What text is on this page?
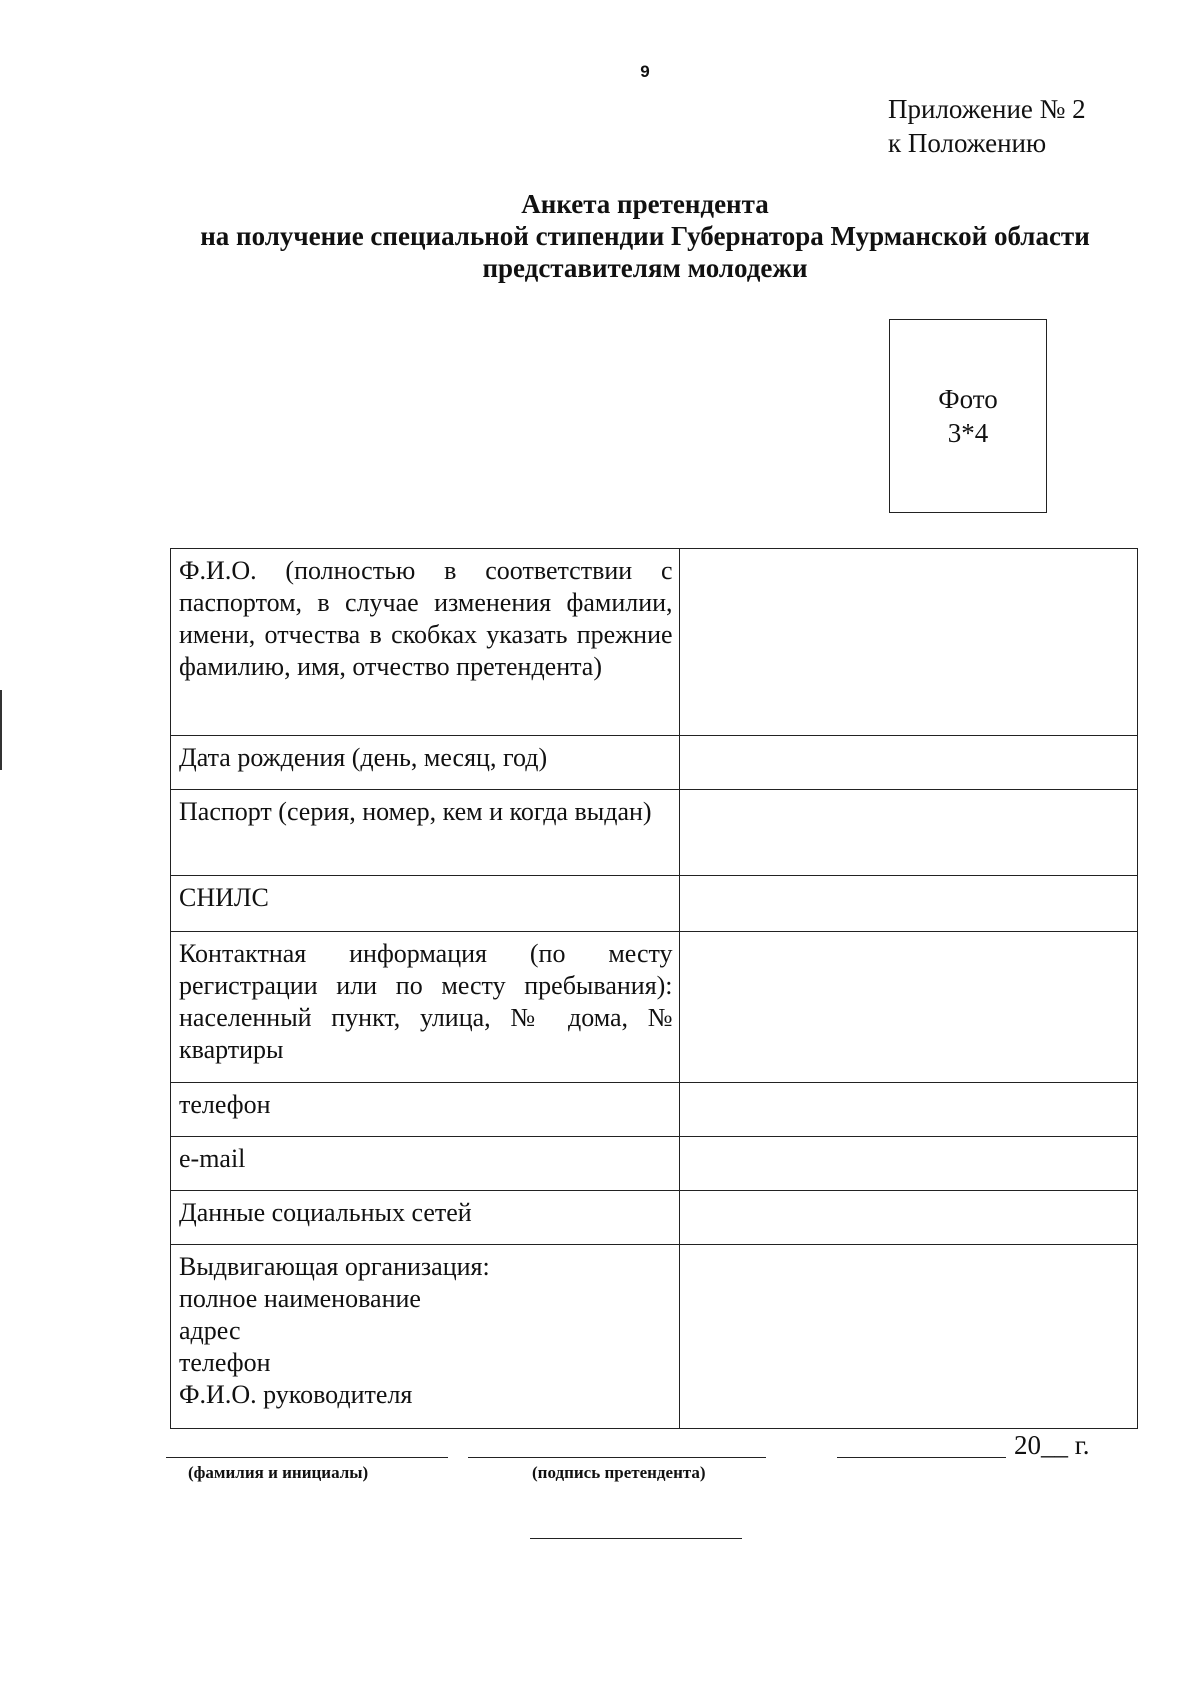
9
Приложение № 2
к Положению
Анкета претендента
на получение специальной стипендии Губернатора Мурманской области
представителям молодежи
Фото
3*4
Ф.И.О. (полностью в соответствии с паспортом, в случае изменения фамилии, имени, отчества в скобках указать прежние фамилию, имя, отчество претендента)	
Дата рождения (день, месяц, год)	
Паспорт (серия, номер, кем и когда выдан)	
СНИЛС	
Контактная информация (по месту регистрации или по месту пребывания): населенный пункт, улица, № дома, № квартиры	
телефон	
e-mail	
Данные социальных сетей	

Выдвигающая организация:
полное наименование
адрес
телефон
Ф.И.О. руководителя	

(фамилия и инициалы)	(подпись претендента)
20__ г.
